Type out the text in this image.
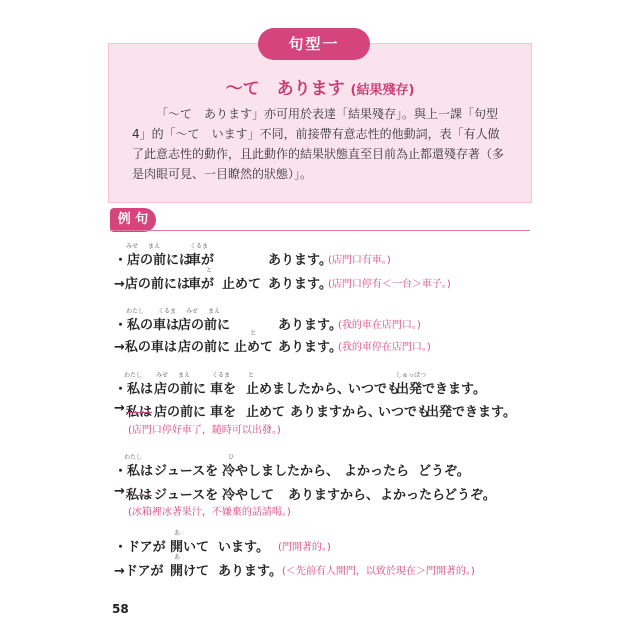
句型一
〜て　あります (結果殘存)

「〜て　あります」亦可用於表達「結果殘存」。與上一課「句型 4」的「〜て　います」不同，前接帶有意志性的他動詞，表「有人做了此意志性的動作，且此動作的結果狀態直至目前為止都還殘存著（多是肉眼可見、一目瞭然的狀態）」。

例 句
みせ まえ	くるま
・店の前には
車が	あります。
(店門口有車。)
と
→店の前には
車が 止めて あります。
(店門口停有＜一台＞車子。)
わたし くるま みせ まえ
・私の車は
店の前に	あります。
(我的車在店門口。)
と
→私の車は 店の前に 止めて あります。
(我的車停在店門口。)
わたし みせ まえ	くるま	と	しゅっぱつ
・私は 店の前に 車を 止めましたから、
いつでも
出発できます。
→ 私は 店の前に 車を 止めて ありますから、
いつでも
出発できます。
(店門口停好車了，隨時可以出發。)
わたし	ひ
・私は ジュースを 冷やしましたから、 よかったら どうぞ。
→ 私は ジュースを 冷やして ありますから、 よかったら
どうぞ。
(冰箱裡冰著果汁，不嫌棄的話請喝。)
あ
・ドアが 開いて います。 (門開著的。)
あ
→ドアが 開けて あります。 (＜先前有人開門，以致於現在＞門開著的。)
58
